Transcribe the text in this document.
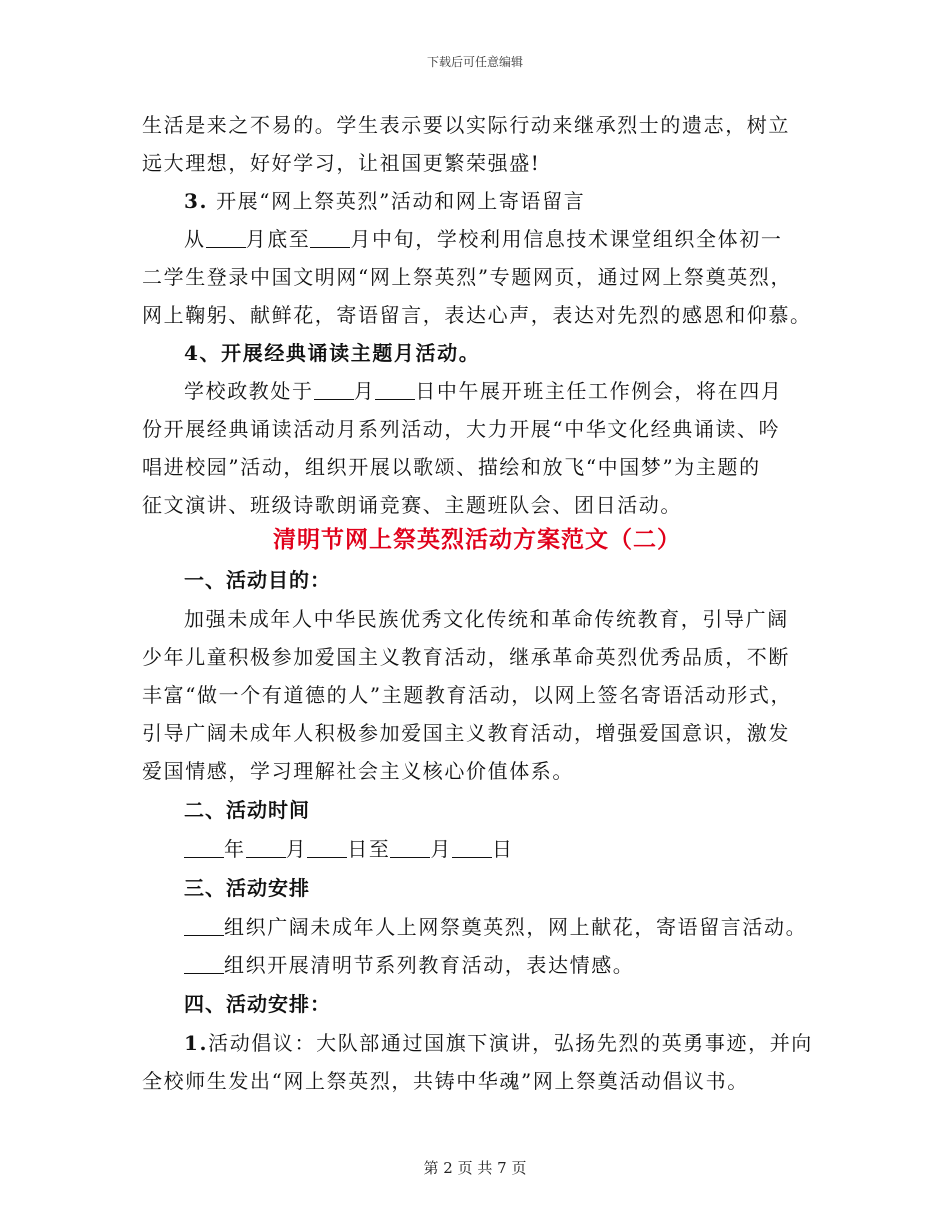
下载后可任意编辑
生活是来之不易的。学生表示要以实际行动来继承烈士的遗志，树立
远大理想，好好学习，让祖国更繁荣强盛!
3. 开展“网上祭英烈”活动和网上寄语留言
从 月底至 月中旬，学校利用信息技术课堂组织全体初一
二学生登录中国文明网“网上祭英烈”专题网页，通过网上祭奠英烈，
网上鞠躬、献鲜花，寄语留言，表达心声，表达对先烈的感恩和仰慕。
4、开展经典诵读主题月活动。
学校政教处于 月 日中午展开班主任工作例会，将在四月
份开展经典诵读活动月系列活动，大力开展“中华文化经典诵读、吟
唱进校园”活动，组织开展以歌颂、描绘和放飞“中国梦”为主题的
征文演讲、班级诗歌朗诵竞赛、主题班队会、团日活动。
清明节网上祭英烈活动方案范文（二）
一、活动目的：
加强未成年人中华民族优秀文化传统和革命传统教育，引导广阔
少年儿童积极参加爱国主义教育活动，继承革命英烈优秀品质，不断
丰富“做一个有道德的人”主题教育活动，以网上签名寄语活动形式，
引导广阔未成年人积极参加爱国主义教育活动，增强爱国意识，激发
爱国情感，学习理解社会主义核心价值体系。
二、活动时间
年 月 日至 月 日
三、活动安排
组织广阔未成年人上网祭奠英烈，网上献花，寄语留言活动。
组织开展清明节系列教育活动，表达情感。
四、活动安排：
1.活动倡议：大队部通过国旗下演讲，弘扬先烈的英勇事迹，并向
全校师生发出“网上祭英烈，共铸中华魂”网上祭奠活动倡议书。
第 2 页 共 7 页
